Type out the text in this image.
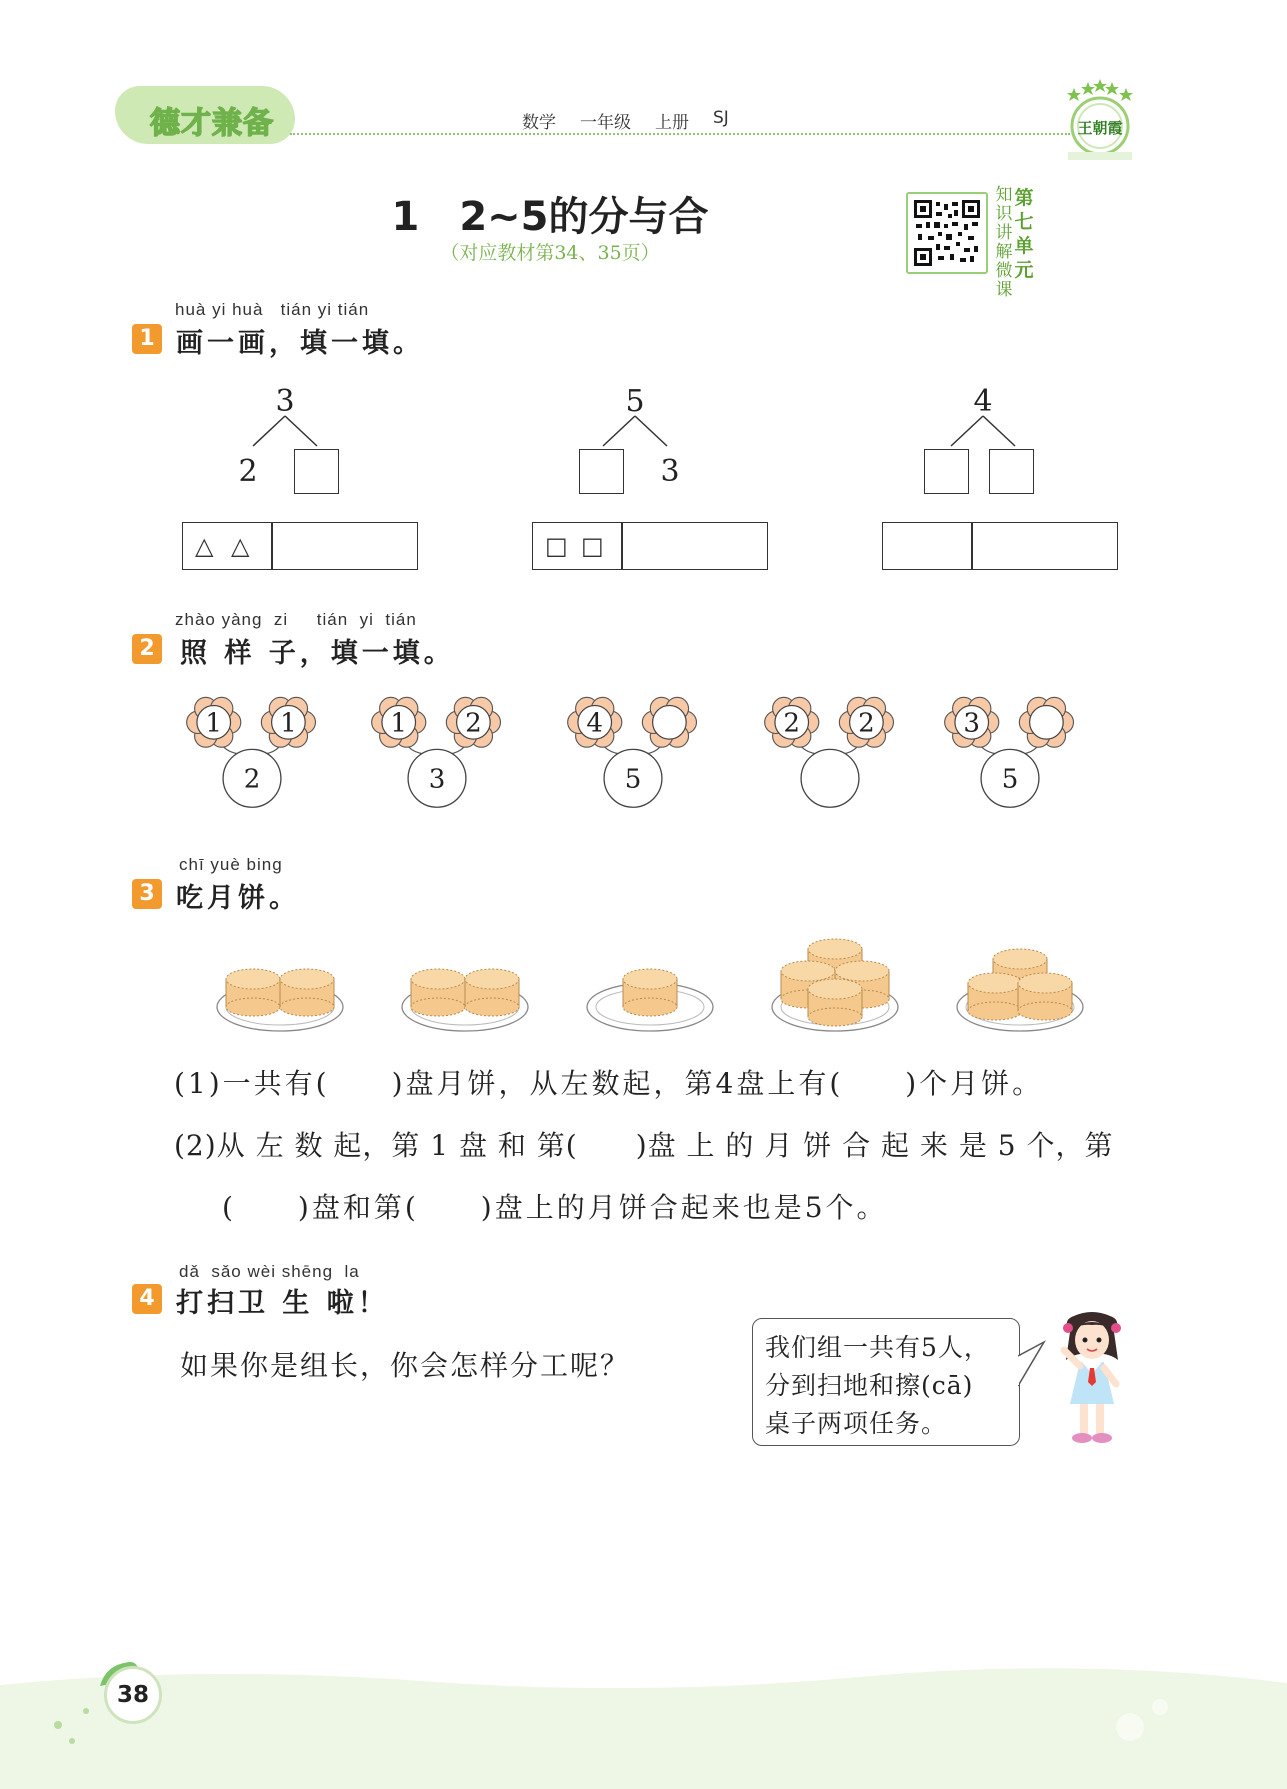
德才兼备	数学 一年级 上册 SJ	王朝霞
1　2~5的分与合
（对应教材第34、35页）
知
识
讲
解
微
课
第
七
单
元
huà yi huà   tián yi tián
1 画一画，填一填。
3
2
△ △
5
3
□ □
4
zhào yàng  zi     tián  yi  tián
2 照 样 子，填一填。
1 1
2
1 2
3
4
5
2 2	3
5
chī yuè bing
3 吃月饼。
(1)一共有(　　)盘月饼，从左数起，第4盘上有(　　)个月饼。
(2)从 左 数 起，第 1 盘 和 第(　　)盘 上 的 月 饼 合 起 来 是 5 个，第
(　　)盘和第(　　)盘上的月饼合起来也是5个。
dǎ  sǎo wèi shēng  la
4 打扫卫 生 啦！
如果你是组长，你会怎样分工呢？
我们组一共有5人，
分到扫地和擦(cā)
桌子两项任务。
38
